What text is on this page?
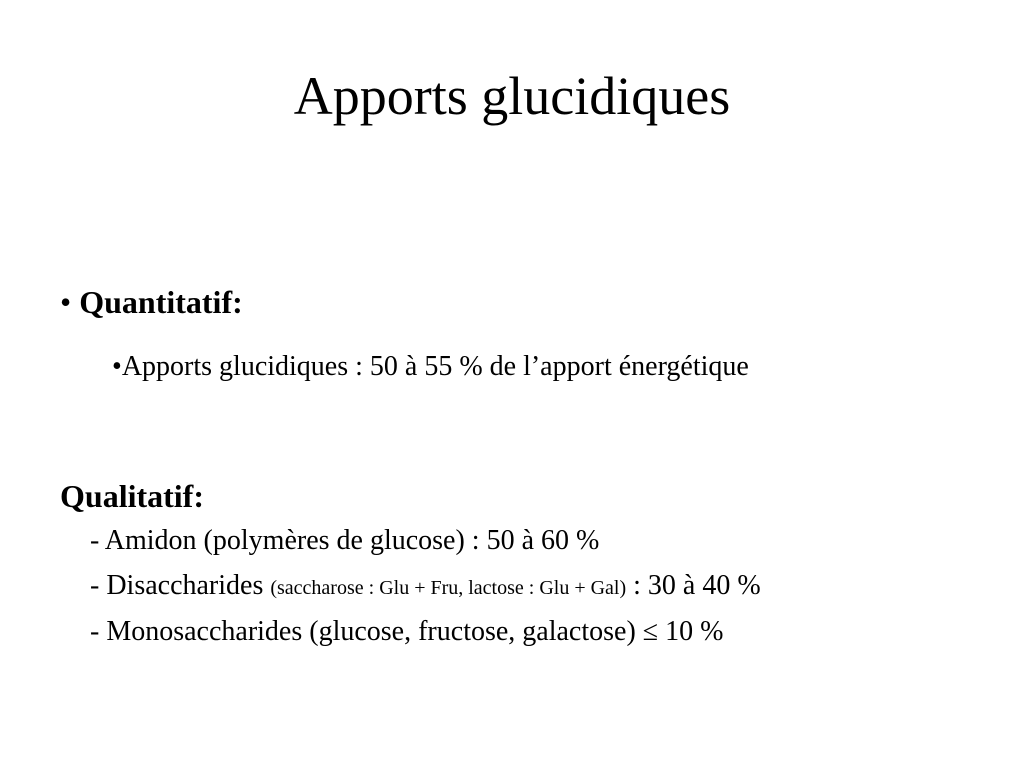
Apports glucidiques
• Quantitatif:
•Apports glucidiques : 50 à 55 % de l’apport énergétique
Qualitatif:
- Amidon (polymères de glucose) : 50 à 60 %
- Disaccharides (saccharose : Glu + Fru, lactose : Glu + Gal) : 30 à 40 %
- Monosaccharides (glucose, fructose, galactose) ≤ 10 %
